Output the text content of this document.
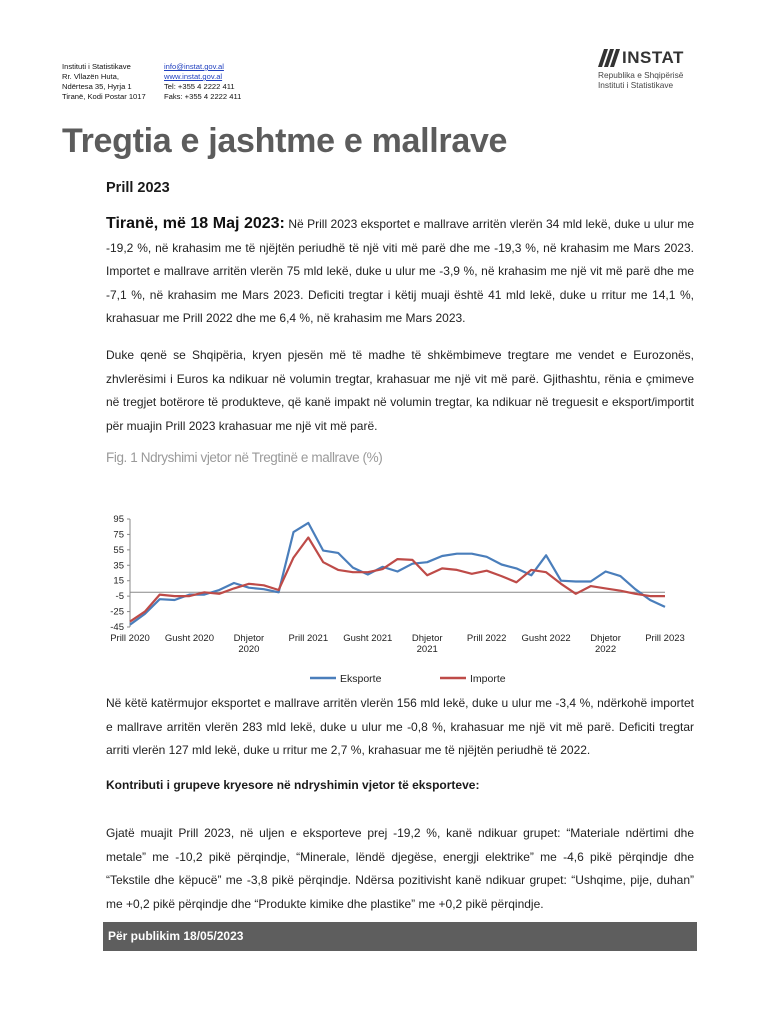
Instituti i Statistikave
Rr. Vllazën Huta,
Ndërtesa 35, Hyrja 1
Tiranë, Kodi Postar 1017
info@instat.gov.al
www.instat.gov.al
Tel: +355 4 2222 411
Faks: +355 4 2222 411
INSTAT
Republika e Shqipërisë
Instituti i Statistikave
Tregtia e jashtme e mallrave
Prill 2023

Tiranë, më 18 Maj 2023: Në Prill 2023 eksportet e mallrave arritën vlerën 34 mld lekë, duke u ulur me -19,2 %, në krahasim me të njëjtën periudhë të një viti më parë dhe me -19,3 %, në krahasim me Mars 2023. Importet e mallrave arritën vlerën 75 mld lekë, duke u ulur me -3,9 %, në krahasim me një vit më parë dhe me -7,1 %, në krahasim me Mars 2023. Deficiti tregtar i këtij muaji është 41 mld lekë, duke u rritur me 14,1 %, krahasuar me Prill 2022 dhe me 6,4 %, në krahasim me Mars 2023.

Duke qenë se Shqipëria, kryen pjesën më të madhe të shkëmbimeve tregtare me vendet e Eurozonës, zhvlerësimi i Euros ka ndikuar në volumin tregtar, krahasuar me një vit më parë. Gjithashtu, rënia e çmimeve në tregjet botërore të produkteve, që kanë impakt në volumin tregtar, ka ndikuar në treguesit e eksport/importit për muajin Prill 2023 krahasuar me një vit më parë.

Fig. 1 Ndryshimi vjetor në Tregtinë e mallrave (%)

95
75
55
35
15
-5
-25
-45
Prill 2020 Gusht 2020 Dhjetor
2020
Prill 2021 Gusht 2021 Dhjetor
2021
Prill 2022 Gusht 2022 Dhjetor
2022
Prill 2023
Eksporte	Importe

Në këtë katërmujor eksportet e mallrave arritën vlerën 156 mld lekë, duke u ulur me -3,4 %, ndërkohë importet e mallrave arritën vlerën 283 mld lekë, duke u ulur me -0,8 %, krahasuar me një vit më parë. Deficiti tregtar arriti vlerën 127 mld lekë, duke u rritur me 2,7 %, krahasuar me të njëjtën periudhë të 2022.

Kontributi i grupeve kryesore në ndryshimin vjetor të eksporteve:

Gjatë muajit Prill 2023, në uljen e eksporteve prej -19,2 %, kanë ndikuar grupet: “Materiale ndërtimi dhe metale” me -10,2 pikë përqindje, “Minerale, lëndë djegëse, energji elektrike” me -4,6 pikë përqindje dhe “Tekstile dhe këpucë” me -3,8 pikë përqindje. Ndërsa pozitivisht kanë ndikuar grupet: “Ushqime, pije, duhan” me +0,2 pikë përqindje dhe “Produkte kimike dhe plastike” me +0,2 pikë përqindje.

Për publikim 18/05/2023
